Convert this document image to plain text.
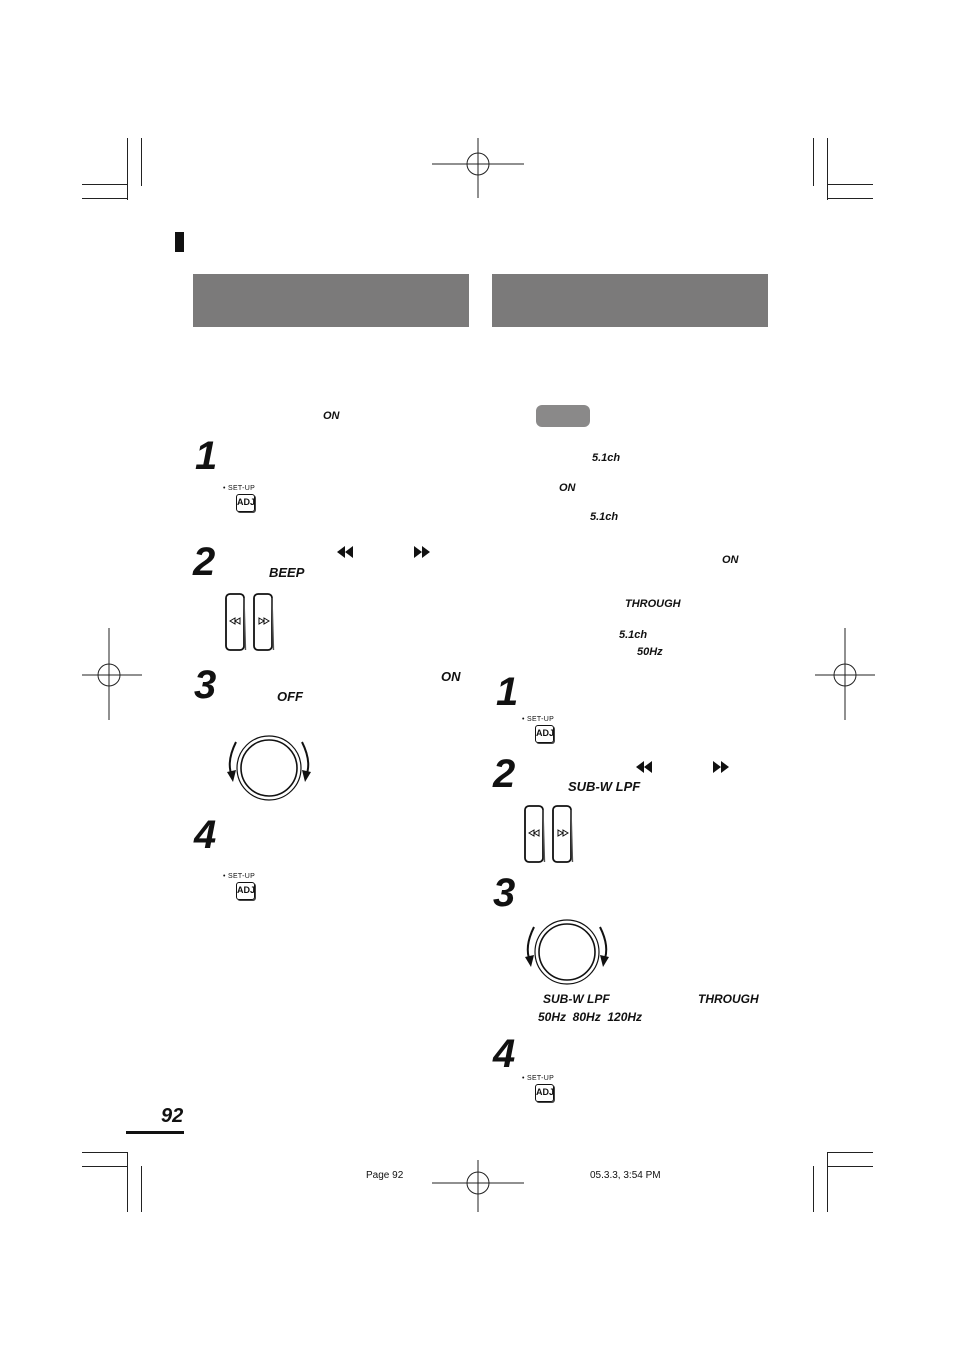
ON
1
• SET-UP
ADJ
2	BEEP
3	ON
OFF
4
• SET-UP
ADJ
5.1ch
ON
5.1ch
ON
THROUGH
5.1ch
50Hz
1
• SET-UP
ADJ
2	SUB-W LPF
3
SUB-W LPF	THROUGH
50Hz  80Hz  120Hz
4
• SET-UP
ADJ
92
Page 92	05.3.3, 3:54 PM
